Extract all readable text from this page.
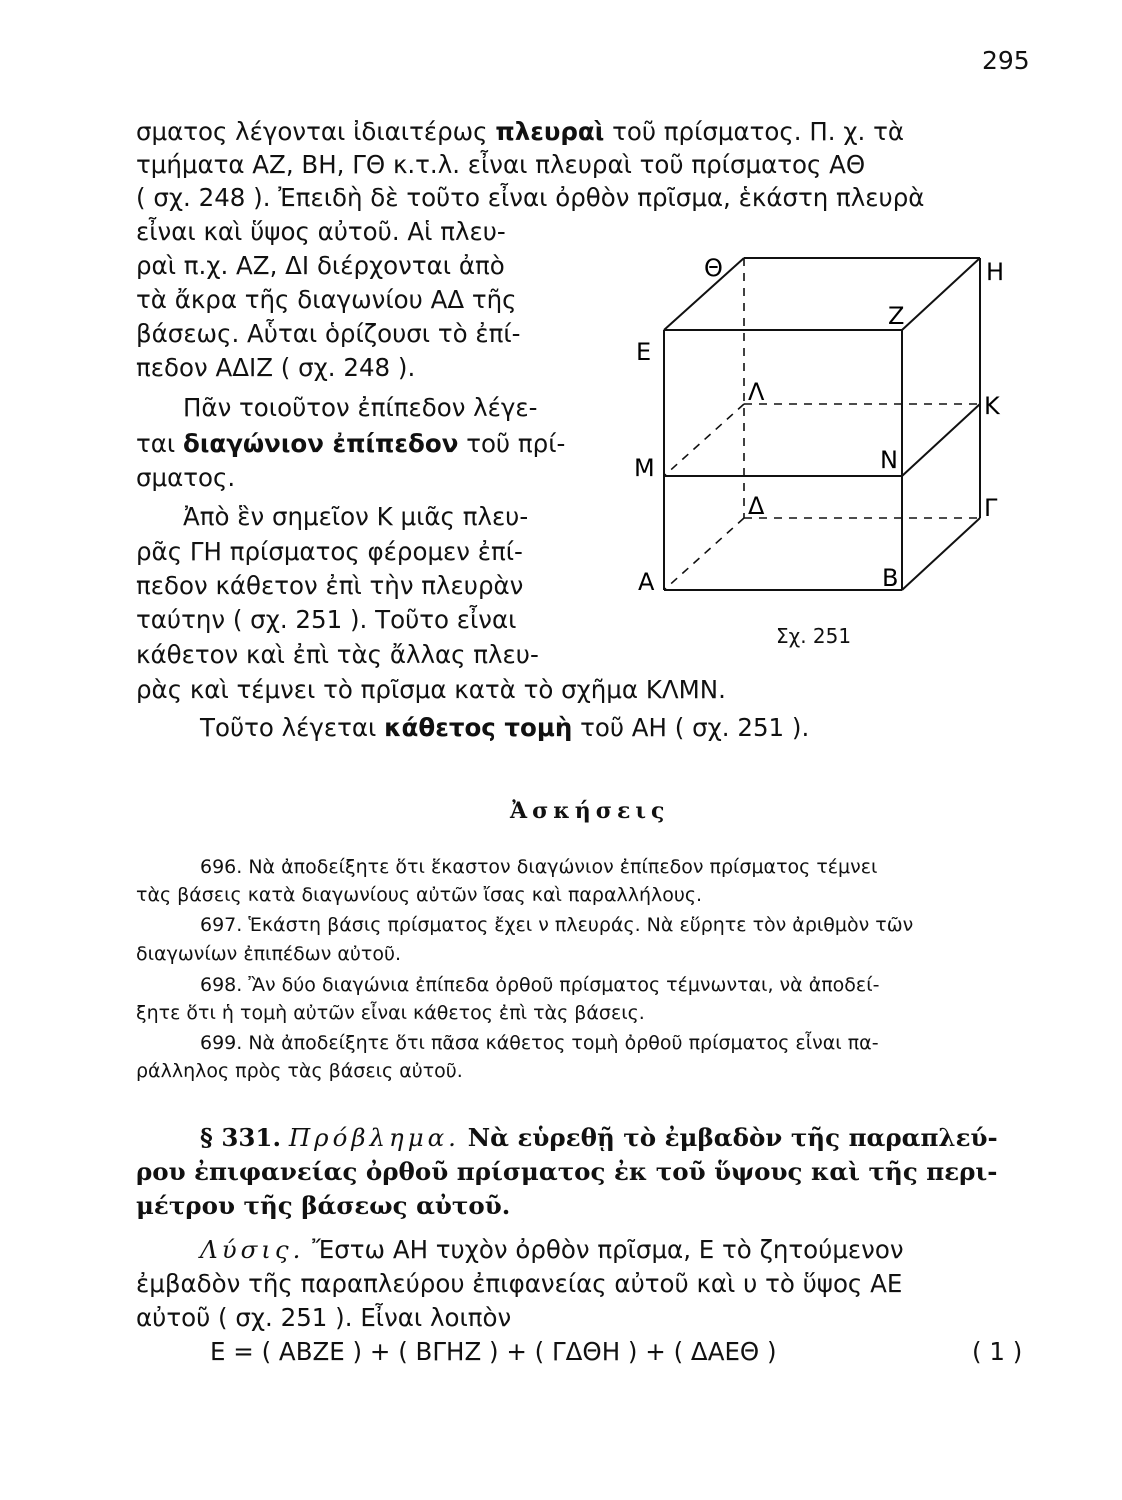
295
σματος λέγονται ἰδιαιτέρως πλευραὶ τοῦ πρίσματος. Π. χ. τὰ
τμήματα ΑΖ, ΒΗ, ΓΘ κ.τ.λ. εἶναι πλευραὶ τοῦ πρίσματος ΑΘ
( σχ. 248 ). Ἐπειδὴ δὲ τοῦτο εἶναι ὀρθὸν πρῖσμα, ἑκάστη πλευρὰ
εἶναι καὶ ὕψος αὐτοῦ. Αἱ πλευ-
ραὶ π.χ. ΑΖ, ΔΙ διέρχονται ἀπὸ
τὰ ἄκρα τῆς διαγωνίου ΑΔ τῆς
βάσεως. Αὗται ὁρίζουσι τὸ ἐπί-
πεδον ΑΔΙΖ ( σχ. 248 ).
Πᾶν τοιοῦτον ἐπίπεδον λέγε-
ται διαγώνιον ἐπίπεδον τοῦ πρί-
σματος.
Ἀπὸ ἓν σημεῖον Κ μιᾶς πλευ-
ρᾶς ΓΗ πρίσματος φέρομεν ἐπί-
πεδον κάθετον ἐπὶ τὴν πλευρὰν
ταύτην ( σχ. 251 ). Τοῦτο εἶναι
κάθετον καὶ ἐπὶ τὰς ἄλλας πλευ-
ρὰς καὶ τέμνει τὸ πρῖσμα κατὰ τὸ σχῆμα ΚΛΜΝ.
Τοῦτο λέγεται κάθετος τομὴ τοῦ ΑΗ ( σχ. 251 ).
Θ	Η
Ζ
Ε
Λ	Κ
Μ	Ν
Δ	Γ
Α	Β
Σχ. 251
Ἀσκήσεις
696. Νὰ ἀποδείξητε ὅτι ἕκαστον διαγώνιον ἐπίπεδον πρίσματος τέμνει
τὰς βάσεις κατὰ διαγωνίους αὐτῶν ἴσας καὶ παραλλήλους.
697. Ἑκάστη βάσις πρίσματος ἔχει ν πλευράς. Νὰ εὕρητε τὸν ἀριθμὸν τῶν
διαγωνίων ἐπιπέδων αὐτοῦ.
698. Ἂν δύο διαγώνια ἐπίπεδα ὀρθοῦ πρίσματος τέμνωνται, νὰ ἀποδεί-
ξητε ὅτι ἡ τομὴ αὐτῶν εἶναι κάθετος ἐπὶ τὰς βάσεις.
699. Νὰ ἀποδείξητε ὅτι πᾶσα κάθετος τομὴ ὀρθοῦ πρίσματος εἶναι πα-
ράλληλος πρὸς τὰς βάσεις αὐτοῦ.
§ 331. Πρόβλημα. Νὰ εὑρεθῇ τὸ ἐμβαδὸν τῆς παραπλεύ-
ρου ἐπιφανείας ὀρθοῦ πρίσματος ἐκ τοῦ ὕψους καὶ τῆς περι-
μέτρου τῆς βάσεως αὐτοῦ.
Λύσις. Ἔστω ΑΗ τυχὸν ὀρθὸν πρῖσμα, Ε τὸ ζητούμενον
ἐμβαδὸν τῆς παραπλεύρου ἐπιφανείας αὐτοῦ καὶ υ τὸ ὕψος ΑΕ
αὐτοῦ ( σχ. 251 ). Εἶναι λοιπὸν
Ε = ( ΑΒΖΕ ) + ( ΒΓΗΖ ) + ( ΓΔΘΗ ) + ( ΔΑΕΘ )	( 1 )
